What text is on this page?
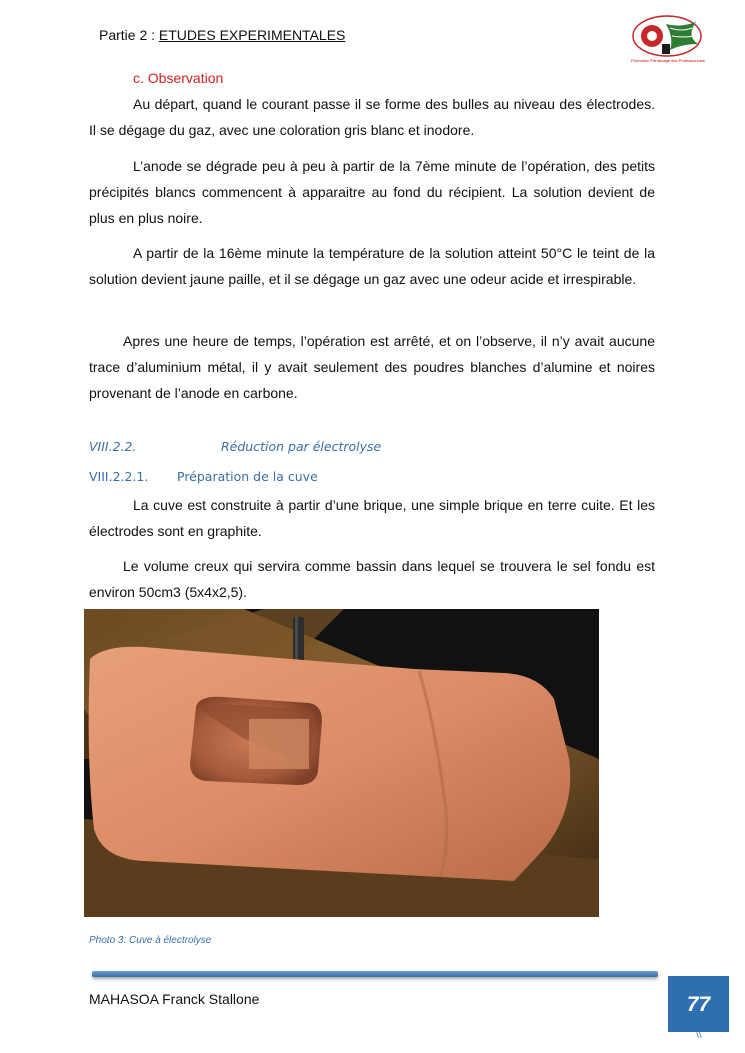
Partie 2 : ETUDES EXPERIMENTALES
Promotion Parrainage des Professionnels
c. Observation

Au départ, quand le courant passe il se forme des bulles au niveau des électrodes. Il se dégage du gaz, avec une coloration gris blanc et inodore.

L’anode se dégrade peu à peu à partir de la 7ème minute de l’opération, des petits précipités blancs commencent à apparaitre au fond du récipient. La solution devient de plus en plus noire.

A partir de la 16ème minute la température de la solution atteint 50°C le teint de la solution devient jaune paille, et il se dégage un gaz avec une odeur acide et irrespirable.

Apres une heure de temps, l’opération est arrêté, et on l’observe, il n’y avait aucune trace d’aluminium métal, il y avait seulement des poudres blanches d’alumine et noires provenant de l’anode en carbone.

VIII.2.2.	Réduction par électrolyse
VIII.2.2.1. Préparation de la cuve

La cuve est construite à partir d’une brique, une simple brique en terre cuite. Et les électrodes sont en graphite.

Le volume creux qui servira comme bassin dans lequel se trouvera le sel fondu est environ 50cm3 (5x4x2,5).

Photo 3: Cuve à électrolyse
MAHASOA Franck Stallone	77
\\
